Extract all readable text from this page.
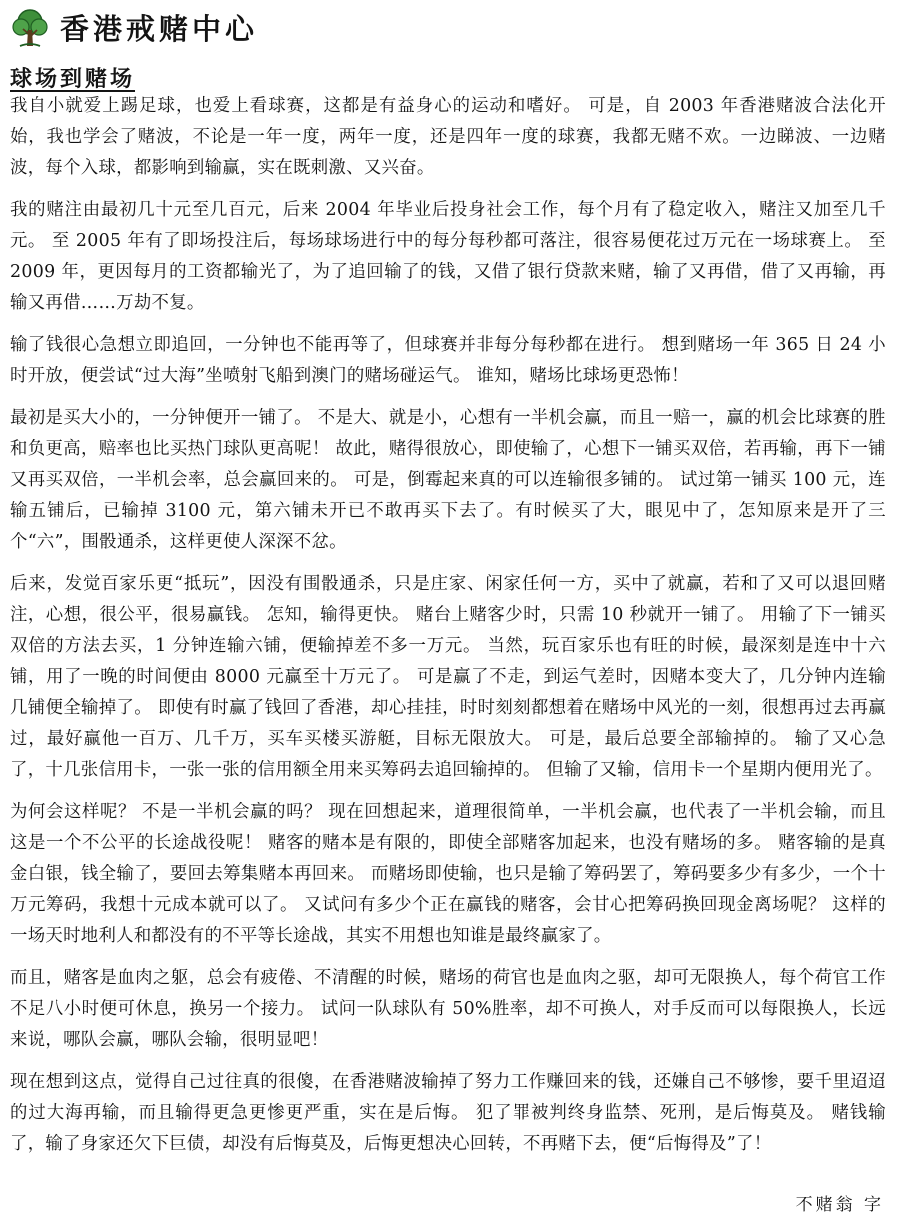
香港戒赌中心
球场到赌场

我自小就爱上踢足球，也爱上看球赛，这都是有益身心的运动和嗜好。 可是，自 2003 年香港赌波合法化开始，我也学会了赌波，不论是一年一度，两年一度，还是四年一度的球赛，我都无赌不欢。一边睇波、一边赌波，每个入球，都影响到输赢，实在既刺激、又兴奋。

我的赌注由最初几十元至几百元，后来 2004 年毕业后投身社会工作，每个月有了稳定收入，赌注又加至几千元。 至 2005 年有了即场投注后，每场球场进行中的每分每秒都可落注，很容易便花过万元在一场球赛上。 至 2009 年，更因每月的工资都输光了，为了追回输了的钱，又借了银行贷款来赌，输了又再借，借了又再输，再输又再借……万劫不复。

输了钱很心急想立即追回，一分钟也不能再等了，但球赛并非每分每秒都在进行。 想到赌场一年 365 日 24 小时开放，便尝试“过大海”坐喷射飞船到澳门的赌场碰运气。 谁知，赌场比球场更恐怖！

最初是买大小的，一分钟便开一铺了。 不是大、就是小，心想有一半机会赢，而且一赔一，赢的机会比球赛的胜和负更高，赔率也比买热门球队更高呢！ 故此，赌得很放心，即使输了，心想下一铺买双倍，若再输，再下一铺又再买双倍，一半机会率，总会赢回来的。 可是，倒霉起来真的可以连输很多铺的。 试过第一铺买 100 元，连输五铺后，已输掉 3100 元，第六铺未开已不敢再买下去了。有时候买了大，眼见中了，怎知原来是开了三个“六”，围骰通杀，这样更使人深深不忿。

后来，发觉百家乐更“抵玩”，因没有围骰通杀，只是庄家、闲家任何一方，买中了就赢，若和了又可以退回赌注，心想，很公平，很易赢钱。 怎知，输得更快。 赌台上赌客少时，只需 10 秒就开一铺了。 用输了下一铺买双倍的方法去买，1 分钟连输六铺，便输掉差不多一万元。 当然，玩百家乐也有旺的时候，最深刻是连中十六铺，用了一晚的时间便由 8000 元赢至十万元了。 可是赢了不走，到运气差时，因赌本变大了，几分钟内连输几铺便全输掉了。 即使有时赢了钱回了香港，却心挂挂，时时刻刻都想着在赌场中风光的一刻，很想再过去再赢过，最好赢他一百万、几千万，买车买楼买游艇，目标无限放大。 可是，最后总要全部输掉的。 输了又心急了，十几张信用卡，一张一张的信用额全用来买筹码去追回输掉的。 但输了又输，信用卡一个星期内便用光了。

为何会这样呢？ 不是一半机会赢的吗？ 现在回想起来，道理很简单，一半机会赢，也代表了一半机会输，而且这是一个不公平的长途战役呢！ 赌客的赌本是有限的，即使全部赌客加起来，也没有赌场的多。 赌客输的是真金白银，钱全输了，要回去筹集赌本再回来。 而赌场即使输，也只是输了筹码罢了，筹码要多少有多少，一个十万元筹码，我想十元成本就可以了。 又试问有多少个正在赢钱的赌客，会甘心把筹码换回现金离场呢？ 这样的一场天时地利人和都没有的不平等长途战，其实不用想也知谁是最终赢家了。

而且，赌客是血肉之躯，总会有疲倦、不清醒的时候，赌场的荷官也是血肉之驱，却可无限换人，每个荷官工作不足八小时便可休息，换另一个接力。 试问一队球队有 50%胜率，却不可换人，对手反而可以每限换人，长远来说，哪队会赢，哪队会输，很明显吧！

现在想到这点，觉得自己过往真的很傻，在香港赌波输掉了努力工作赚回来的钱，还嫌自己不够惨，要千里迢迢的过大海再输，而且输得更急更惨更严重，实在是后悔。 犯了罪被判终身监禁、死刑，是后悔莫及。 赌钱输了，输了身家还欠下巨债，却没有后悔莫及，后悔更想决心回转，不再赌下去，便“后悔得及”了！

不赌翁 字
